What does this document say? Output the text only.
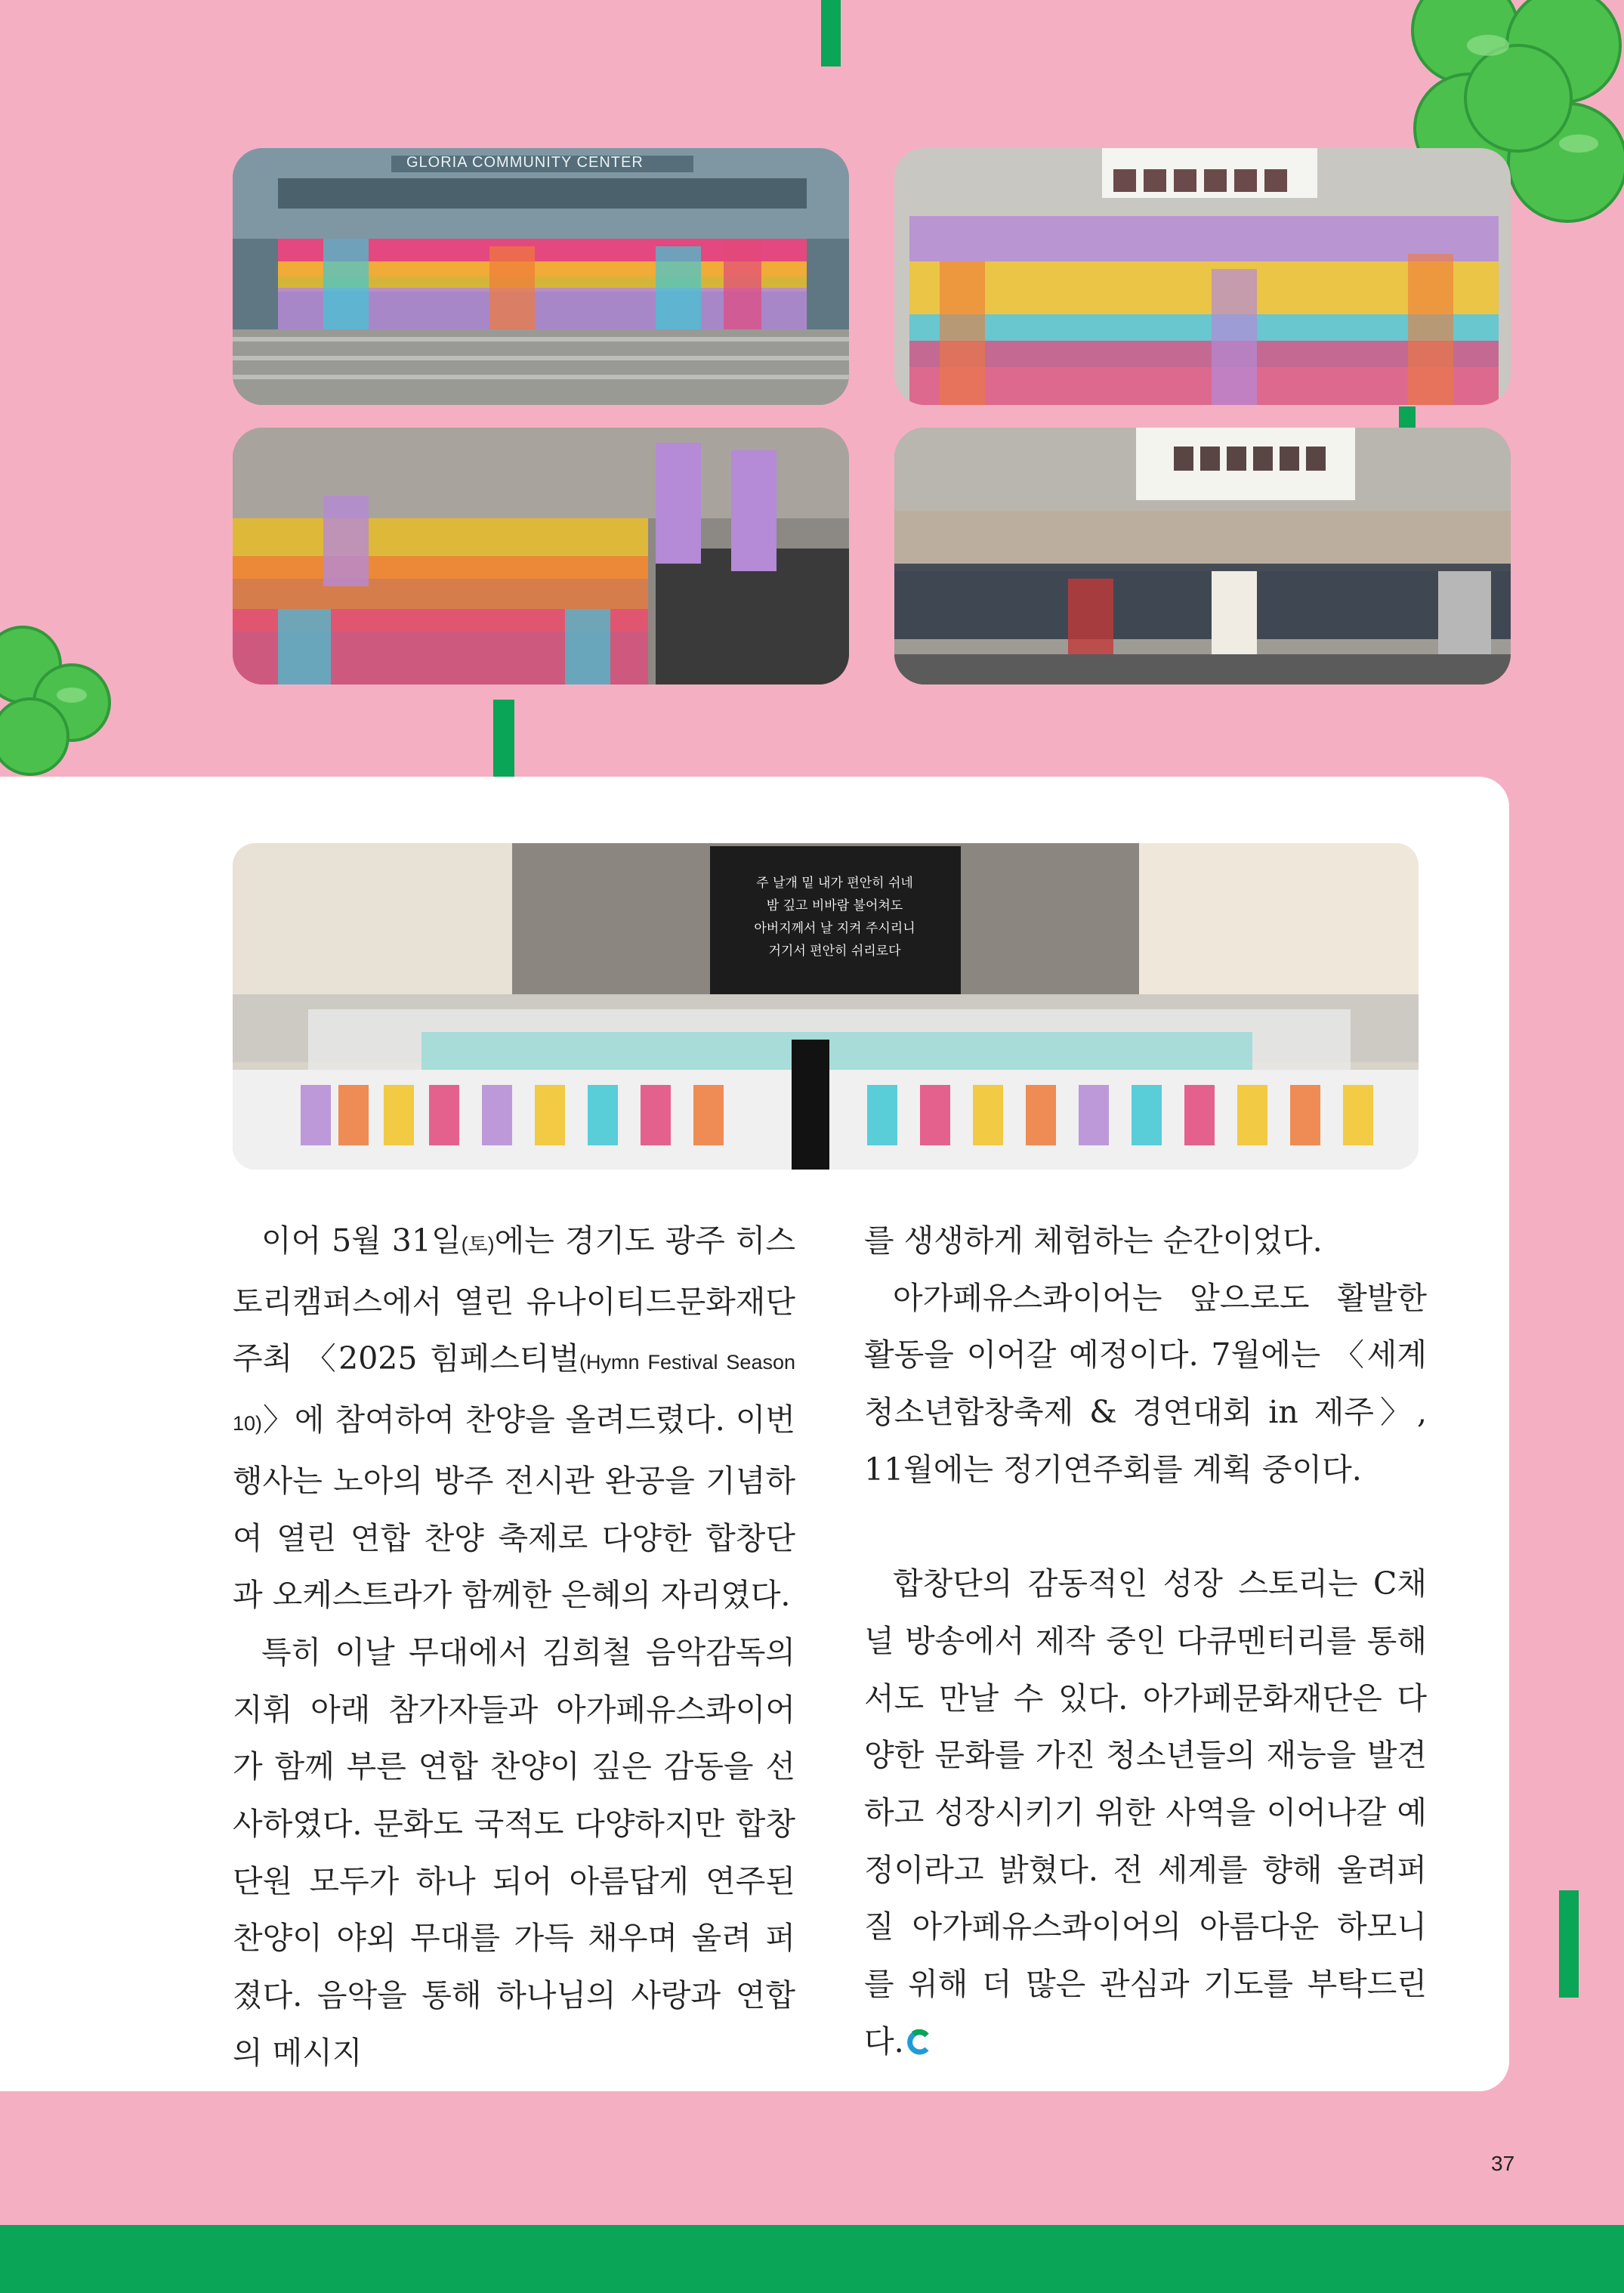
GLORIA COMMUNITY CENTER
주 날개 밑 내가 편안히 쉬네
밤 깊고 비바람 불어쳐도
아버지께서 날 지켜 주시리니
거기서 편안히 쉬리로다

이어 5월 31일(토)에는 경기도 광주 히스토리캠퍼스에서 열린 유나이티드문화재단 주최 〈2025 힘페스티벌(Hymn Festival Season 10)〉에 참여하여 찬양을 올려드렸다. 이번 행사는 노아의 방주 전시관 완공을 기념하여 열린 연합 찬양 축제로 다양한 합창단과 오케스트라가 함께한 은혜의 자리였다.

특히 이날 무대에서 김희철 음악감독의 지휘 아래 참가자들과 아가페유스콰이어가 함께 부른 연합 찬양이 깊은 감동을 선사하였다. 문화도 국적도 다양하지만 합창단원 모두가 하나 되어 아름답게 연주된 찬양이 야외 무대를 가득 채우며 울려 퍼졌다. 음악을 통해 하나님의 사랑과 연합의 메시지

를 생생하게 체험하는 순간이었다.

아가페유스콰이어는 앞으로도 활발한 활동을 이어갈 예정이다. 7월에는 〈세계청소년합창축제 & 경연대회 in 제주〉, 11월에는 정기연주회를 계획 중이다.

합창단의 감동적인 성장 스토리는 C채널 방송에서 제작 중인 다큐멘터리를 통해서도 만날 수 있다. 아가페문화재단은 다양한 문화를 가진 청소년들의 재능을 발견하고 성장시키기 위한 사역을 이어나갈 예정이라고 밝혔다. 전 세계를 향해 울려퍼질 아가페유스콰이어의 아름다운 하모니를 위해 더 많은 관심과 기도를 부탁드린다.

37
